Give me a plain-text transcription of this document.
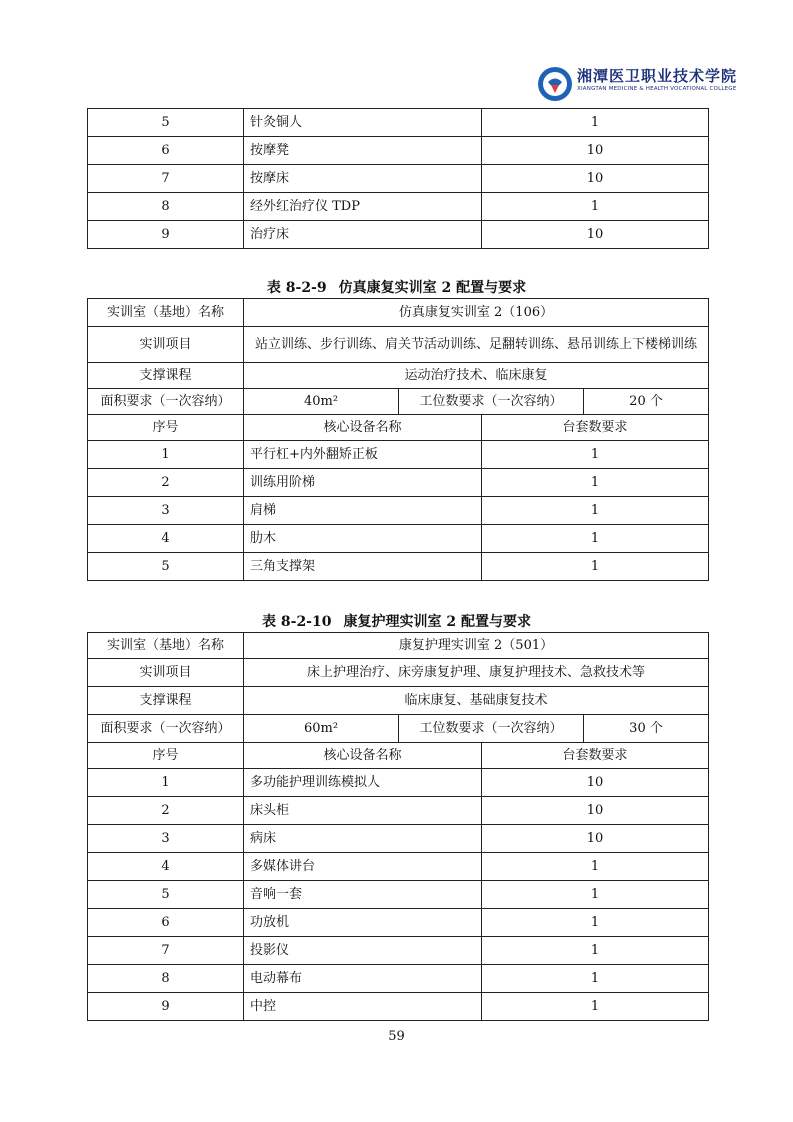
湘潭医卫职业技术学院
XIANGTAN MEDICINE & HEALTH VOCATIONAL COLLEGE
5	针灸铜人	1
6	按摩凳	10
7	按摩床	10
8	经外红治疗仪 TDP	1
9	治疗床	10
表 8-2-9 仿真康复实训室 2 配置与要求
实训室（基地）名称	仿真康复实训室 2（106）			
实训项目	站立训练、步行训练、肩关节活动训练、足翻转训练、悬吊训练上下楼梯训练			
支撑课程	运动治疗技术、临床康复			
面积要求（一次容纳）	40m²	工位数要求（一次容纳）		20 个
序号	核心设备名称		台套数要求	
1	平行杠+内外翻矫正板		1	
2	训练用阶梯		1	
3	肩梯		1	
4	肋木		1	
5	三角支撑架		1	
表 8-2-10 康复护理实训室 2 配置与要求
实训室（基地）名称	康复护理实训室 2（501）			
实训项目	床上护理治疗、床旁康复护理、康复护理技术、急救技术等			
支撑课程	临床康复、基础康复技术			
面积要求（一次容纳）	60m²	工位数要求（一次容纳）		30 个
序号	核心设备名称		台套数要求	
1	多功能护理训练模拟人		10	
2	床头柜		10	
3	病床		10	
4	多媒体讲台		1	
5	音响一套		1	
6	功放机		1	
7	投影仪		1	
8	电动幕布		1	
9	中控		1	
59
